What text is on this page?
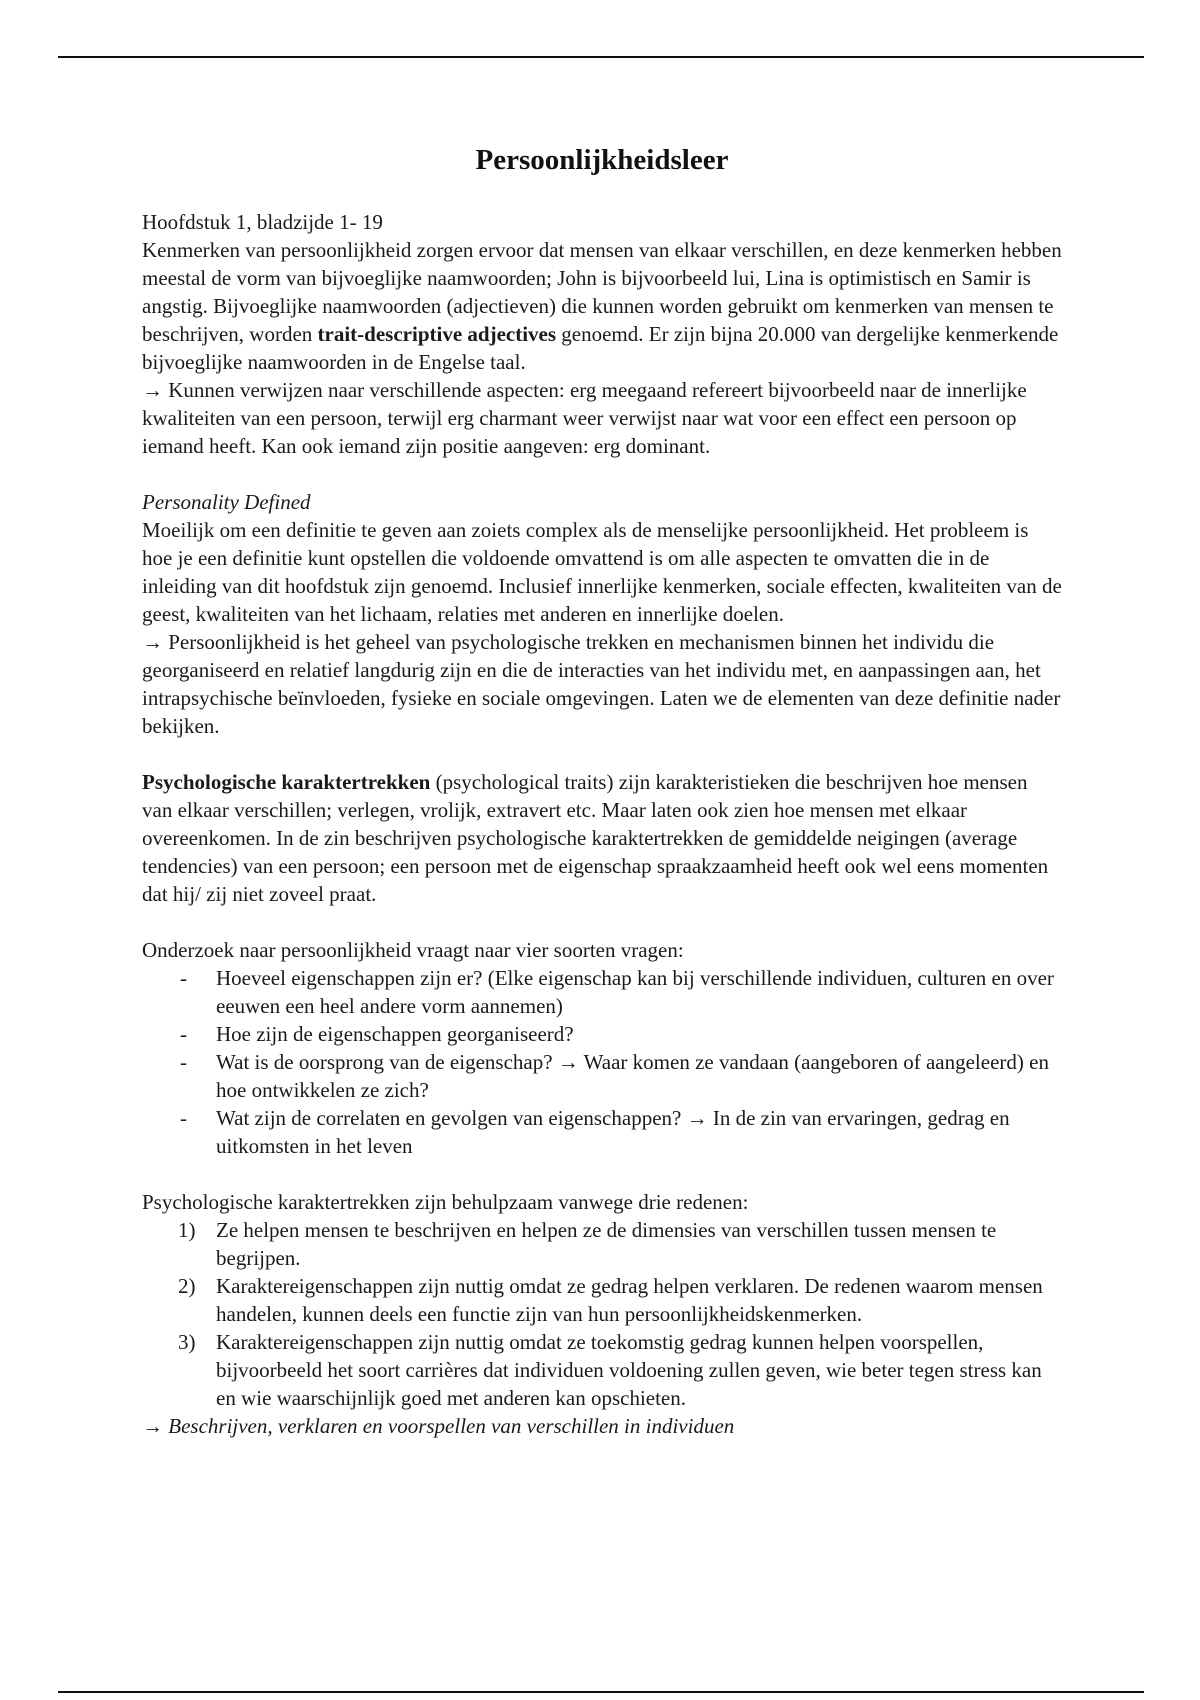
Persoonlijkheidsleer

Hoofdstuk 1, bladzijde 1- 19

Kenmerken van persoonlijkheid zorgen ervoor dat mensen van elkaar verschillen, en deze kenmerken hebben meestal de vorm van bijvoeglijke naamwoorden; John is bijvoorbeeld lui, Lina is optimistisch en Samir is angstig. Bijvoeglijke naamwoorden (adjectieven) die kunnen worden gebruikt om kenmerken van mensen te beschrijven, worden trait-descriptive adjectives genoemd. Er zijn bijna 20.000 van dergelijke kenmerkende bijvoeglijke naamwoorden in de Engelse taal.

→ Kunnen verwijzen naar verschillende aspecten: erg meegaand refereert bijvoorbeeld naar de innerlijke kwaliteiten van een persoon, terwijl erg charmant weer verwijst naar wat voor een effect een persoon op iemand heeft. Kan ook iemand zijn positie aangeven: erg dominant.

Personality Defined

Moeilijk om een definitie te geven aan zoiets complex als de menselijke persoonlijkheid. Het probleem is hoe je een definitie kunt opstellen die voldoende omvattend is om alle aspecten te omvatten die in de inleiding van dit hoofdstuk zijn genoemd. Inclusief innerlijke kenmerken, sociale effecten, kwaliteiten van de geest, kwaliteiten van het lichaam, relaties met anderen en innerlijke doelen.

→ Persoonlijkheid is het geheel van psychologische trekken en mechanismen binnen het individu die georganiseerd en relatief langdurig zijn en die de interacties van het individu met, en aanpassingen aan, het intrapsychische beïnvloeden, fysieke en sociale omgevingen. Laten we de elementen van deze definitie nader bekijken.

Psychologische karaktertrekken (psychological traits) zijn karakteristieken die beschrijven hoe mensen van elkaar verschillen; verlegen, vrolijk, extravert etc. Maar laten ook zien hoe mensen met elkaar overeenkomen. In de zin beschrijven psychologische karaktertrekken de gemiddelde neigingen (average tendencies) van een persoon; een persoon met de eigenschap spraakzaamheid heeft ook wel eens momenten dat hij/ zij niet zoveel praat.

Onderzoek naar persoonlijkheid vraagt naar vier soorten vragen:

- Hoeveel eigenschappen zijn er? (Elke eigenschap kan bij verschillende individuen, culturen en over eeuwen een heel andere vorm aannemen)
- Hoe zijn de eigenschappen georganiseerd?
- Wat is de oorsprong van de eigenschap? → Waar komen ze vandaan (aangeboren of aangeleerd) en hoe ontwikkelen ze zich?
- Wat zijn de correlaten en gevolgen van eigenschappen? → In de zin van ervaringen, gedrag en uitkomsten in het leven

Psychologische karaktertrekken zijn behulpzaam vanwege drie redenen:

1) Ze helpen mensen te beschrijven en helpen ze de dimensies van verschillen tussen mensen te begrijpen.
2) Karaktereigenschappen zijn nuttig omdat ze gedrag helpen verklaren. De redenen waarom mensen handelen, kunnen deels een functie zijn van hun persoonlijkheidskenmerken.
3) Karaktereigenschappen zijn nuttig omdat ze toekomstig gedrag kunnen helpen voorspellen, bijvoorbeeld het soort carrières dat individuen voldoening zullen geven, wie beter tegen stress kan en wie waarschijnlijk goed met anderen kan opschieten.

→ Beschrijven, verklaren en voorspellen van verschillen in individuen
